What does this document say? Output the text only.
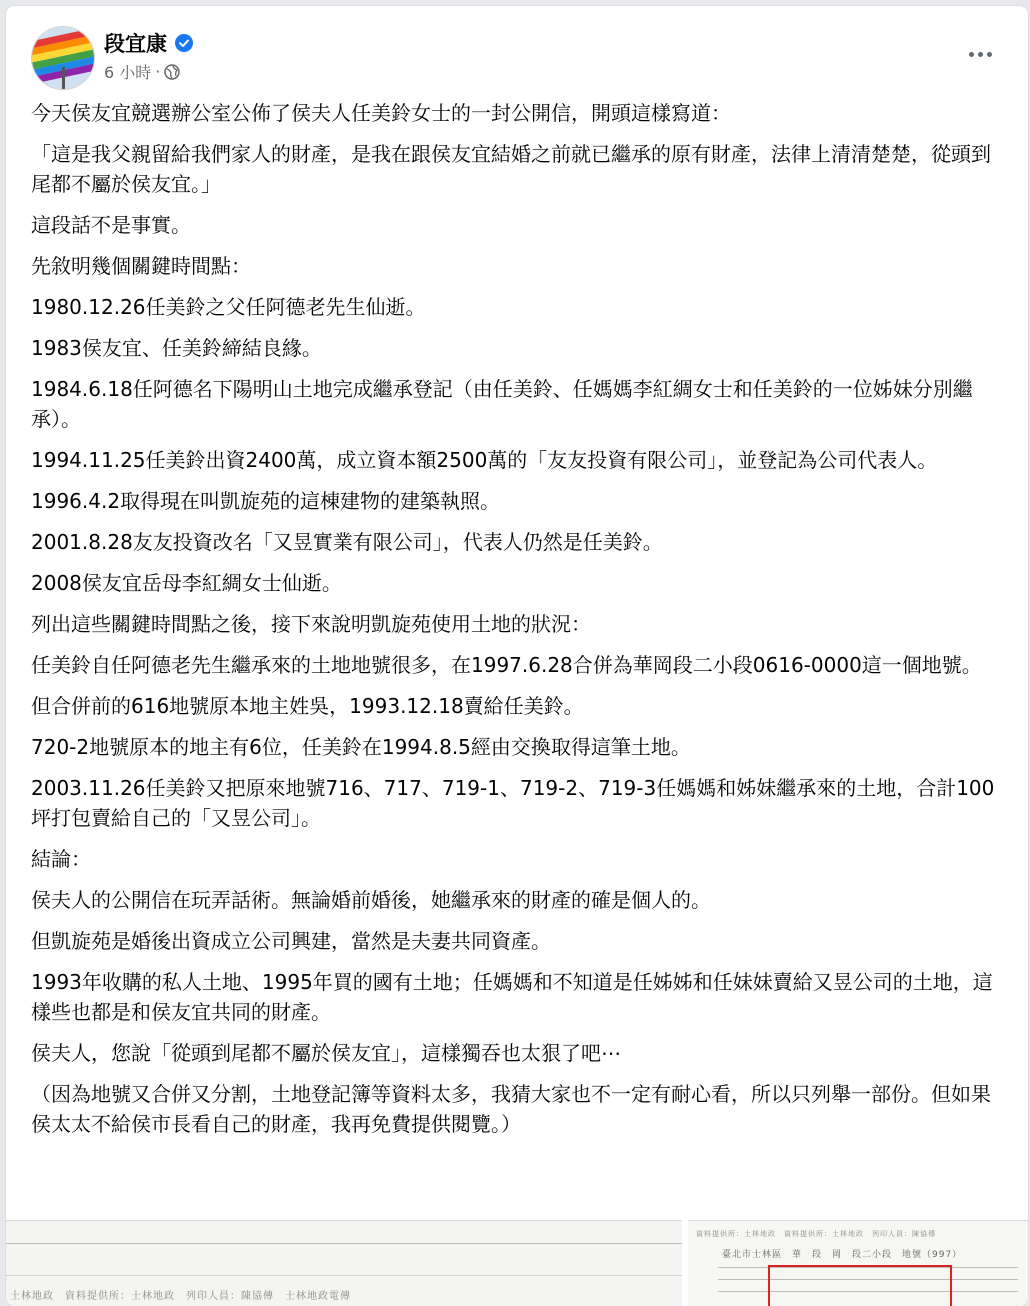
段宜康
6 小時 ·

今天侯友宜競選辦公室公佈了侯夫人任美鈴女士的一封公開信，開頭這樣寫道：

「這是我父親留給我們家人的財產，是我在跟侯友宜結婚之前就已繼承的原有財產，法律上清清楚楚，從頭到尾都不屬於侯友宜。」

這段話不是事實。

先敘明幾個關鍵時間點：

1980.12.26任美鈴之父任阿德老先生仙逝。

1983侯友宜、任美鈴締結良緣。

1984.6.18任阿德名下陽明山土地完成繼承登記（由任美鈴、任媽媽李紅綢女士和任美鈴的一位姊妹分別繼承）。

1994.11.25任美鈴出資2400萬，成立資本額2500萬的「友友投資有限公司」，並登記為公司代表人。

1996.4.2取得現在叫凱旋苑的這棟建物的建築執照。

2001.8.28友友投資改名「又昱實業有限公司」，代表人仍然是任美鈴。

2008侯友宜岳母李紅綢女士仙逝。

列出這些關鍵時間點之後，接下來說明凱旋苑使用土地的狀況：

任美鈴自任阿德老先生繼承來的土地地號很多，在1997.6.28合併為華岡段二小段0616-0000這一個地號。

但合併前的616地號原本地主姓吳，1993.12.18賣給任美鈴。

720-2地號原本的地主有6位，任美鈴在1994.8.5經由交換取得這筆土地。

2003.11.26任美鈴又把原來地號716、717、719-1、719-2、719-3任媽媽和姊妹繼承來的土地，合計100坪打包賣給自己的「又昱公司」。

結論：

侯夫人的公開信在玩弄話術。無論婚前婚後，她繼承來的財產的確是個人的。

但凱旋苑是婚後出資成立公司興建，當然是夫妻共同資產。

1993年收購的私人土地、1995年買的國有土地；任媽媽和不知道是任姊姊和任妹妹賣給又昱公司的土地，這樣些也都是和侯友宜共同的財產。

侯夫人，您說「從頭到尾都不屬於侯友宜」，這樣獨吞也太狠了吧⋯

（因為地號又合併又分割，土地登記簿等資料太多，我猜大家也不一定有耐心看，所以只列舉一部份。但如果侯太太不給侯市長看自己的財產，我再免費提供閱覽。）

土林地政　資料提供所：士林地政　列印人員：陳協傳　士林地政電傳
資料提供所：土林地政　資料提供所：土林地政　列印人員：陳協傳
臺北市士林區　華　段　岡　段二小段　地號（997）
